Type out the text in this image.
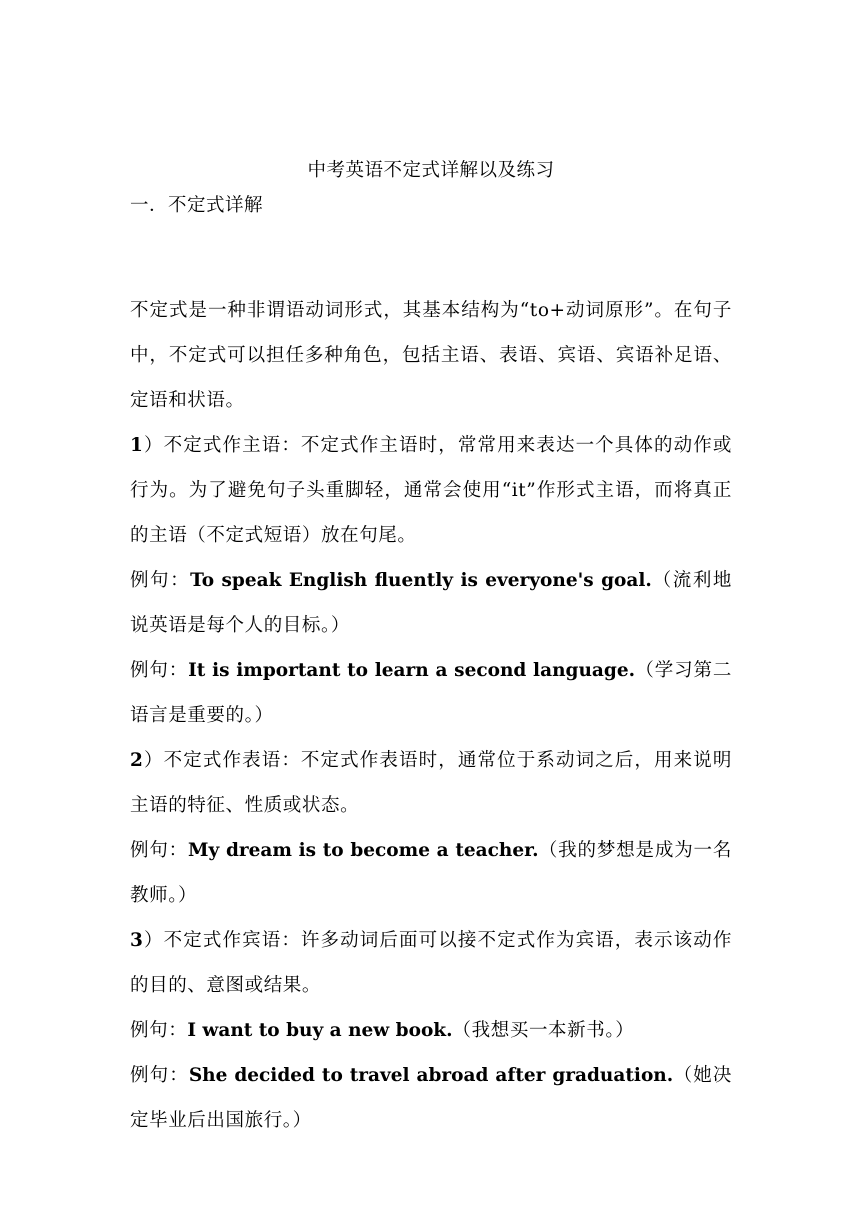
中考英语不定式详解以及练习
一．不定式详解

不定式是一种非谓语动词形式，其基本结构为“to+动词原形”。在句子中，不定式可以担任多种角色，包括主语、表语、宾语、宾语补足语、定语和状语。

1）不定式作主语：不定式作主语时，常常用来表达一个具体的动作或行为。为了避免句子头重脚轻，通常会使用“it”作形式主语，而将真正的主语（不定式短语）放在句尾。

例句：To speak English fluently is everyone's goal.（流利地说英语是每个人的目标。）

例句：It is important to learn a second language.（学习第二语言是重要的。）

2）不定式作表语：不定式作表语时，通常位于系动词之后，用来说明主语的特征、性质或状态。

例句：My dream is to become a teacher.（我的梦想是成为一名教师。）

3）不定式作宾语：许多动词后面可以接不定式作为宾语，表示该动作的目的、意图或结果。

例句：I want to buy a new book.（我想买一本新书。）

例句：She decided to travel abroad after graduation.（她决定毕业后出国旅行。）
